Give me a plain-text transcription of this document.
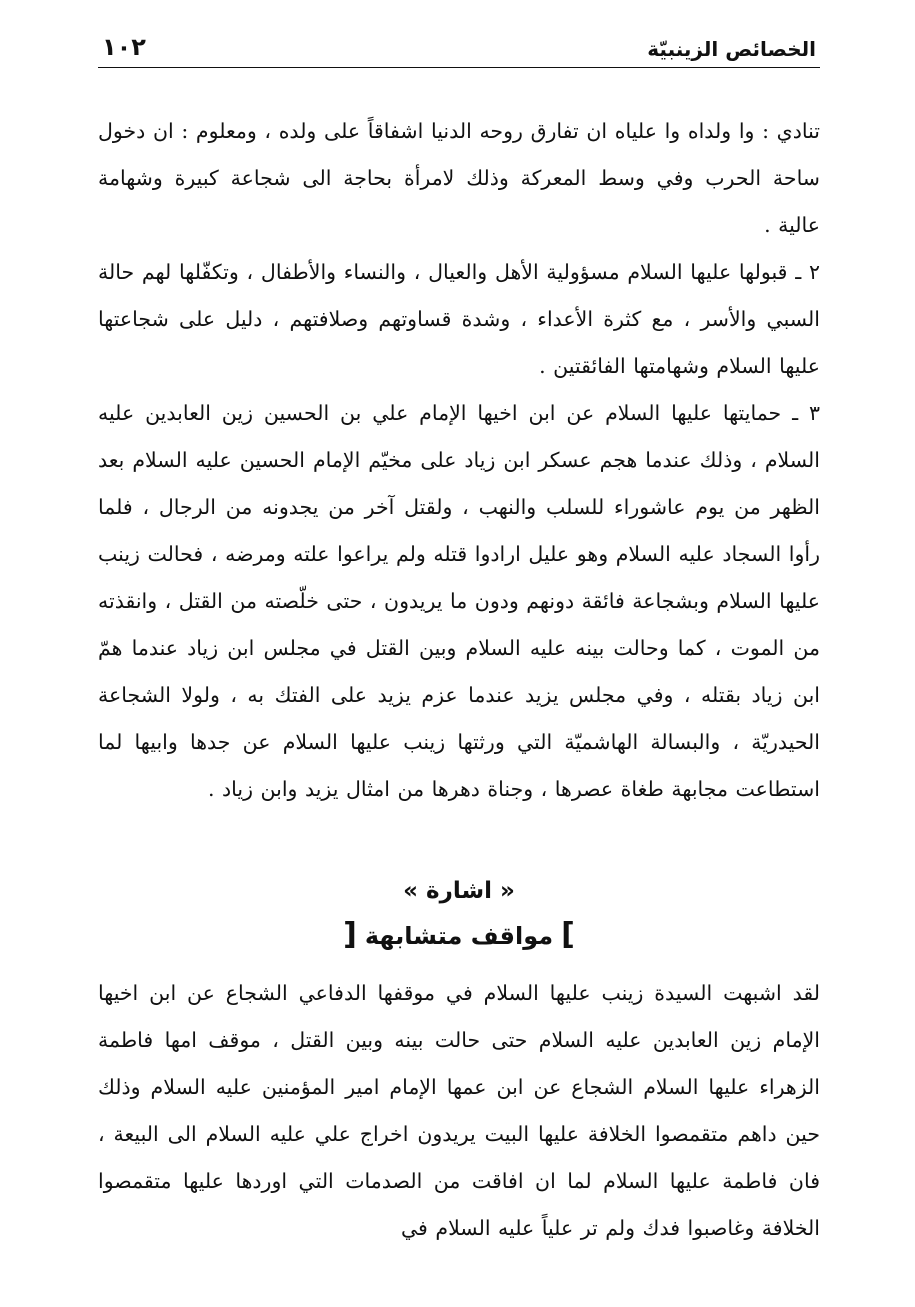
الخصائص الزينبيّة
١٠٢

تنادي : وا ولداه وا علياه ان تفارق روحه الدنيا اشفاقاً على ولده ، ومعلوم : ان دخول ساحة الحرب وفي وسط المعركة وذلك لامرأة بحاجة الى شجاعة كبيرة وشهامة عالية .

٢ ـ قبولها عليها السلام مسؤولية الأهل والعيال ، والنساء والأطفال ، وتكفّلها لهم حالة السبي والأسر ، مع كثرة الأعداء ، وشدة قساوتهم وصلافتهم ، دليل على شجاعتها عليها السلام وشهامتها الفائقتين .

٣ ـ حمايتها عليها السلام عن ابن اخيها الإمام علي بن الحسين زين العابدين عليه السلام ، وذلك عندما هجم عسكر ابن زياد على مخيّم الإمام الحسين عليه السلام بعد الظهر من يوم عاشوراء للسلب والنهب ، ولقتل آخر من يجدونه من الرجال ، فلما رأوا السجاد عليه السلام وهو عليل ارادوا قتله ولم يراعوا علته ومرضه ، فحالت زينب عليها السلام وبشجاعة فائقة دونهم ودون ما يريدون ، حتى خلّصته من القتل ، وانقذته من الموت ، كما وحالت بينه عليه السلام وبين القتل في مجلس ابن زياد عندما همّ ابن زياد بقتله ، وفي مجلس يزيد عندما عزم يزيد على الفتك به ، ولولا الشجاعة الحيدريّة ، والبسالة الهاشميّة التي ورثتها زينب عليها السلام عن جدها وابيها لما استطاعت مجابهة طغاة عصرها ، وجناة دهرها من امثال يزيد وابن زياد .

« اشارة »

]مواقف متشابهة[

لقد اشبهت السيدة زينب عليها السلام في موقفها الدفاعي الشجاع عن ابن اخيها الإمام زين العابدين عليه السلام حتى حالت بينه وبين القتل ، موقف امها فاطمة الزهراء عليها السلام الشجاع عن ابن عمها الإمام امير المؤمنين عليه السلام وذلك حين داهم متقمصوا الخلافة عليها البيت يريدون اخراج علي عليه السلام الى البيعة ، فان فاطمة عليها السلام لما ان افاقت من الصدمات التي اوردها عليها متقمصوا الخلافة وغاصبوا فدك ولم تر علياً عليه السلام في
